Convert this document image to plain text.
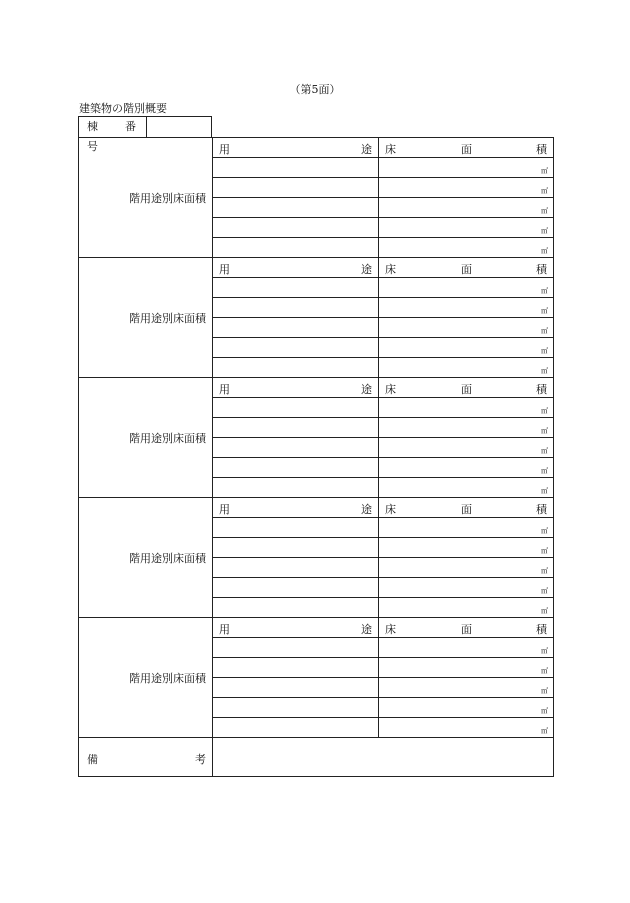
（第5面）
建築物の階別概要
棟　番　号
階用途別床面積	用 途	床 面 積

		㎡
		㎡
		㎡
		㎡
		㎡
階用途別床面積	用 途	床 面 積

		㎡
		㎡
		㎡
		㎡
		㎡
階用途別床面積	用 途	床 面 積

		㎡
		㎡
		㎡
		㎡
		㎡
階用途別床面積	用 途	床 面 積

		㎡
		㎡
		㎡
		㎡
		㎡
階用途別床面積	用 途	床 面 積

		㎡
		㎡
		㎡
		㎡
		㎡

備 考		
